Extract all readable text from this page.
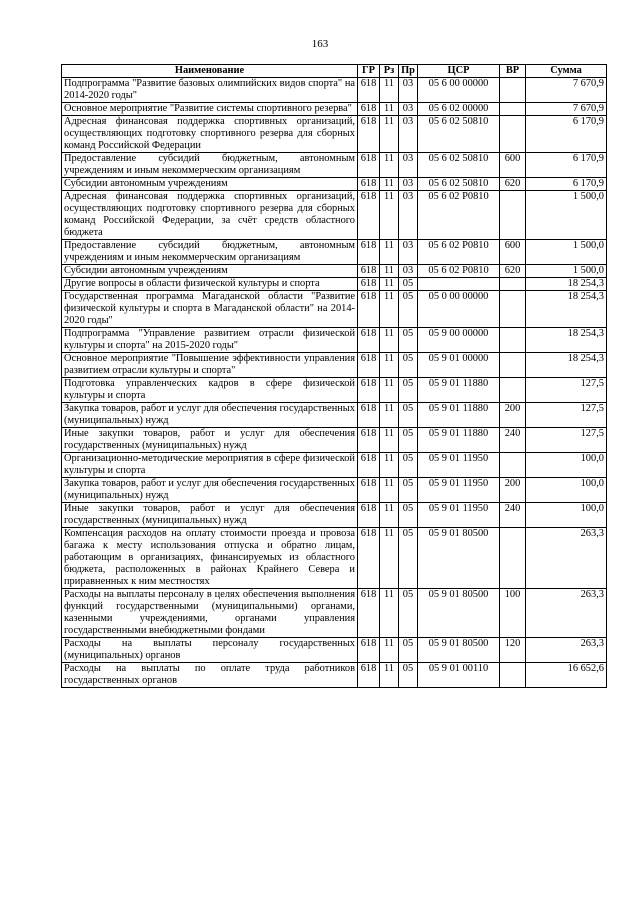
163
Наименование	ГР	Рз	Пр	ЦСР	ВР	Сумма
Подпрограмма "Развитие базовых олимпийских видов спорта" на 2014-2020 годы"	618	11	03	05 6 00 00000		7 670,9
Основное мероприятие "Развитие системы спортивного резерва"	618	11	03	05 6 02 00000		7 670,9
Адресная финансовая поддержка спортивных организаций, осуществляющих подготовку спортивного резерва для сборных команд Российской Федерации	618	11	03	05 6 02 50810		6 170,9
Предоставление субсидий бюджетным, автономным учреждениям и иным некоммерческим организациям	618	11	03	05 6 02 50810	600	6 170,9
Субсидии автономным учреждениям	618	11	03	05 6 02 50810	620	6 170,9
Адресная финансовая поддержка спортивных организаций, осуществляющих подготовку спортивного резерва для сборных команд Российской Федерации, за счёт средств областного бюджета	618	11	03	05 6 02 Р0810		1 500,0
Предоставление субсидий бюджетным, автономным учреждениям и иным некоммерческим организациям	618	11	03	05 6 02 Р0810	600	1 500,0
Субсидии автономным учреждениям	618	11	03	05 6 02 Р0810	620	1 500,0
Другие вопросы в области физической культуры и спорта	618	11	05			18 254,3
Государственная программа Магаданской области "Развитие физической культуры и спорта в Магаданской области" на 2014-2020 годы"	618	11	05	05 0 00 00000		18 254,3
Подпрограмма "Управление развитием отрасли физической культуры и спорта" на 2015-2020 годы"	618	11	05	05 9 00 00000		18 254,3
Основное мероприятие "Повышение эффективности управления развитием отрасли культуры и спорта"	618	11	05	05 9 01 00000		18 254,3
Подготовка управленческих кадров в сфере физической культуры и спорта	618	11	05	05 9 01 11880		127,5
Закупка товаров, работ и услуг для обеспечения государственных (муниципальных) нужд	618	11	05	05 9 01 11880	200	127,5
Иные закупки товаров, работ и услуг для обеспечения государственных (муниципальных) нужд	618	11	05	05 9 01 11880	240	127,5
Организационно-методические мероприятия в сфере физической культуры и спорта	618	11	05	05 9 01 11950		100,0
Закупка товаров, работ и услуг для обеспечения государственных (муниципальных) нужд	618	11	05	05 9 01 11950	200	100,0
Иные закупки товаров, работ и услуг для обеспечения государственных (муниципальных) нужд	618	11	05	05 9 01 11950	240	100,0
Компенсация расходов на оплату стоимости проезда и провоза багажа к месту использования отпуска и обратно лицам, работающим в организациях, финансируемых из областного бюджета, расположенных в районах Крайнего Севера и приравненных к ним местностях	618	11	05	05 9 01 80500		263,3
Расходы на выплаты персоналу в целях обеспечения выполнения функций государственными (муниципальными) органами, казенными учреждениями, органами управления государственными внебюджетными фондами	618	11	05	05 9 01 80500	100	263,3
Расходы на выплаты персоналу государственных (муниципальных) органов	618	11	05	05 9 01 80500	120	263,3
Расходы на выплаты по оплате труда работников государственных органов	618	11	05	05 9 01 00110		16 652,6
